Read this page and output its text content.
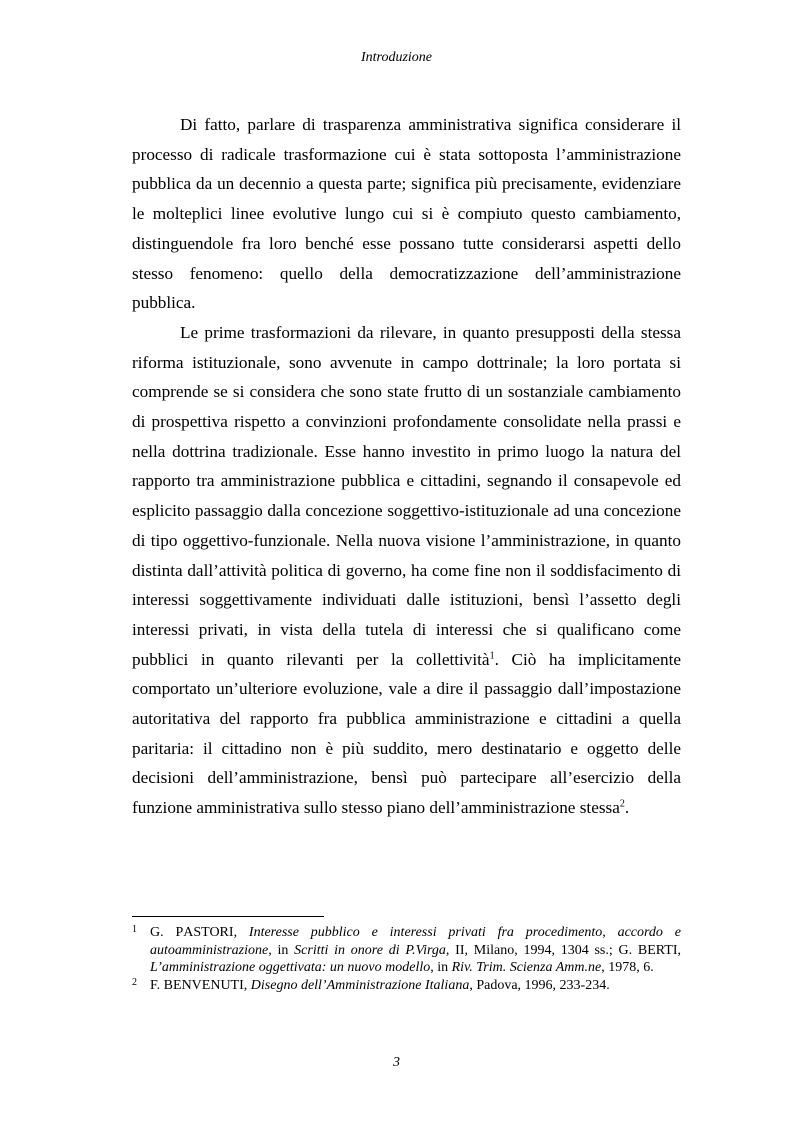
Introduzione

Di fatto, parlare di trasparenza amministrativa significa considerare il processo di radicale trasformazione cui è stata sottoposta l’amministrazione pubblica da un decennio a questa parte; significa più precisamente, evidenziare le molteplici linee evolutive lungo cui si è compiuto questo cambiamento, distinguendole fra loro benché esse possano tutte considerarsi aspetti dello stesso fenomeno: quello della democratizzazione dell’amministrazione pubblica.

Le prime trasformazioni da rilevare, in quanto presupposti della stessa riforma istituzionale, sono avvenute in campo dottrinale; la loro portata si comprende se si considera che sono state frutto di un sostanziale cambiamento di prospettiva rispetto a convinzioni profondamente consolidate nella prassi e nella dottrina tradizionale. Esse hanno investito in primo luogo la natura del rapporto tra amministrazione pubblica e cittadini, segnando il consapevole ed esplicito passaggio dalla concezione soggettivo-istituzionale ad una concezione di tipo oggettivo-funzionale. Nella nuova visione l’amministrazione, in quanto distinta dall’attività politica di governo, ha come fine non il soddisfacimento di interessi soggettivamente individuati dalle istituzioni, bensì l’assetto degli interessi privati, in vista della tutela di interessi che si qualificano come pubblici in quanto rilevanti per la collettività$^1$. Ciò ha implicitamente comportato un’ulteriore evoluzione, vale a dire il passaggio dall’impostazione autoritativa del rapporto fra pubblica amministrazione e cittadini a quella paritaria: il cittadino non è più suddito, mero destinatario e oggetto delle decisioni dell’amministrazione, bensì può partecipare all’esercizio della funzione amministrativa sullo stesso piano dell’amministrazione stessa$^2$.

1 G. PASTORI, Interesse pubblico e interessi privati fra procedimento, accordo e autoamministrazione, in Scritti in onore di P.Virga, II, Milano, 1994, 1304 ss.; G. BERTI, L’amministrazione oggettivata: un nuovo modello, in Riv. Trim. Scienza Amm.ne, 1978, 6.
2 F. BENVENUTI, Disegno dell’Amministrazione Italiana, Padova, 1996, 233-234.
3
